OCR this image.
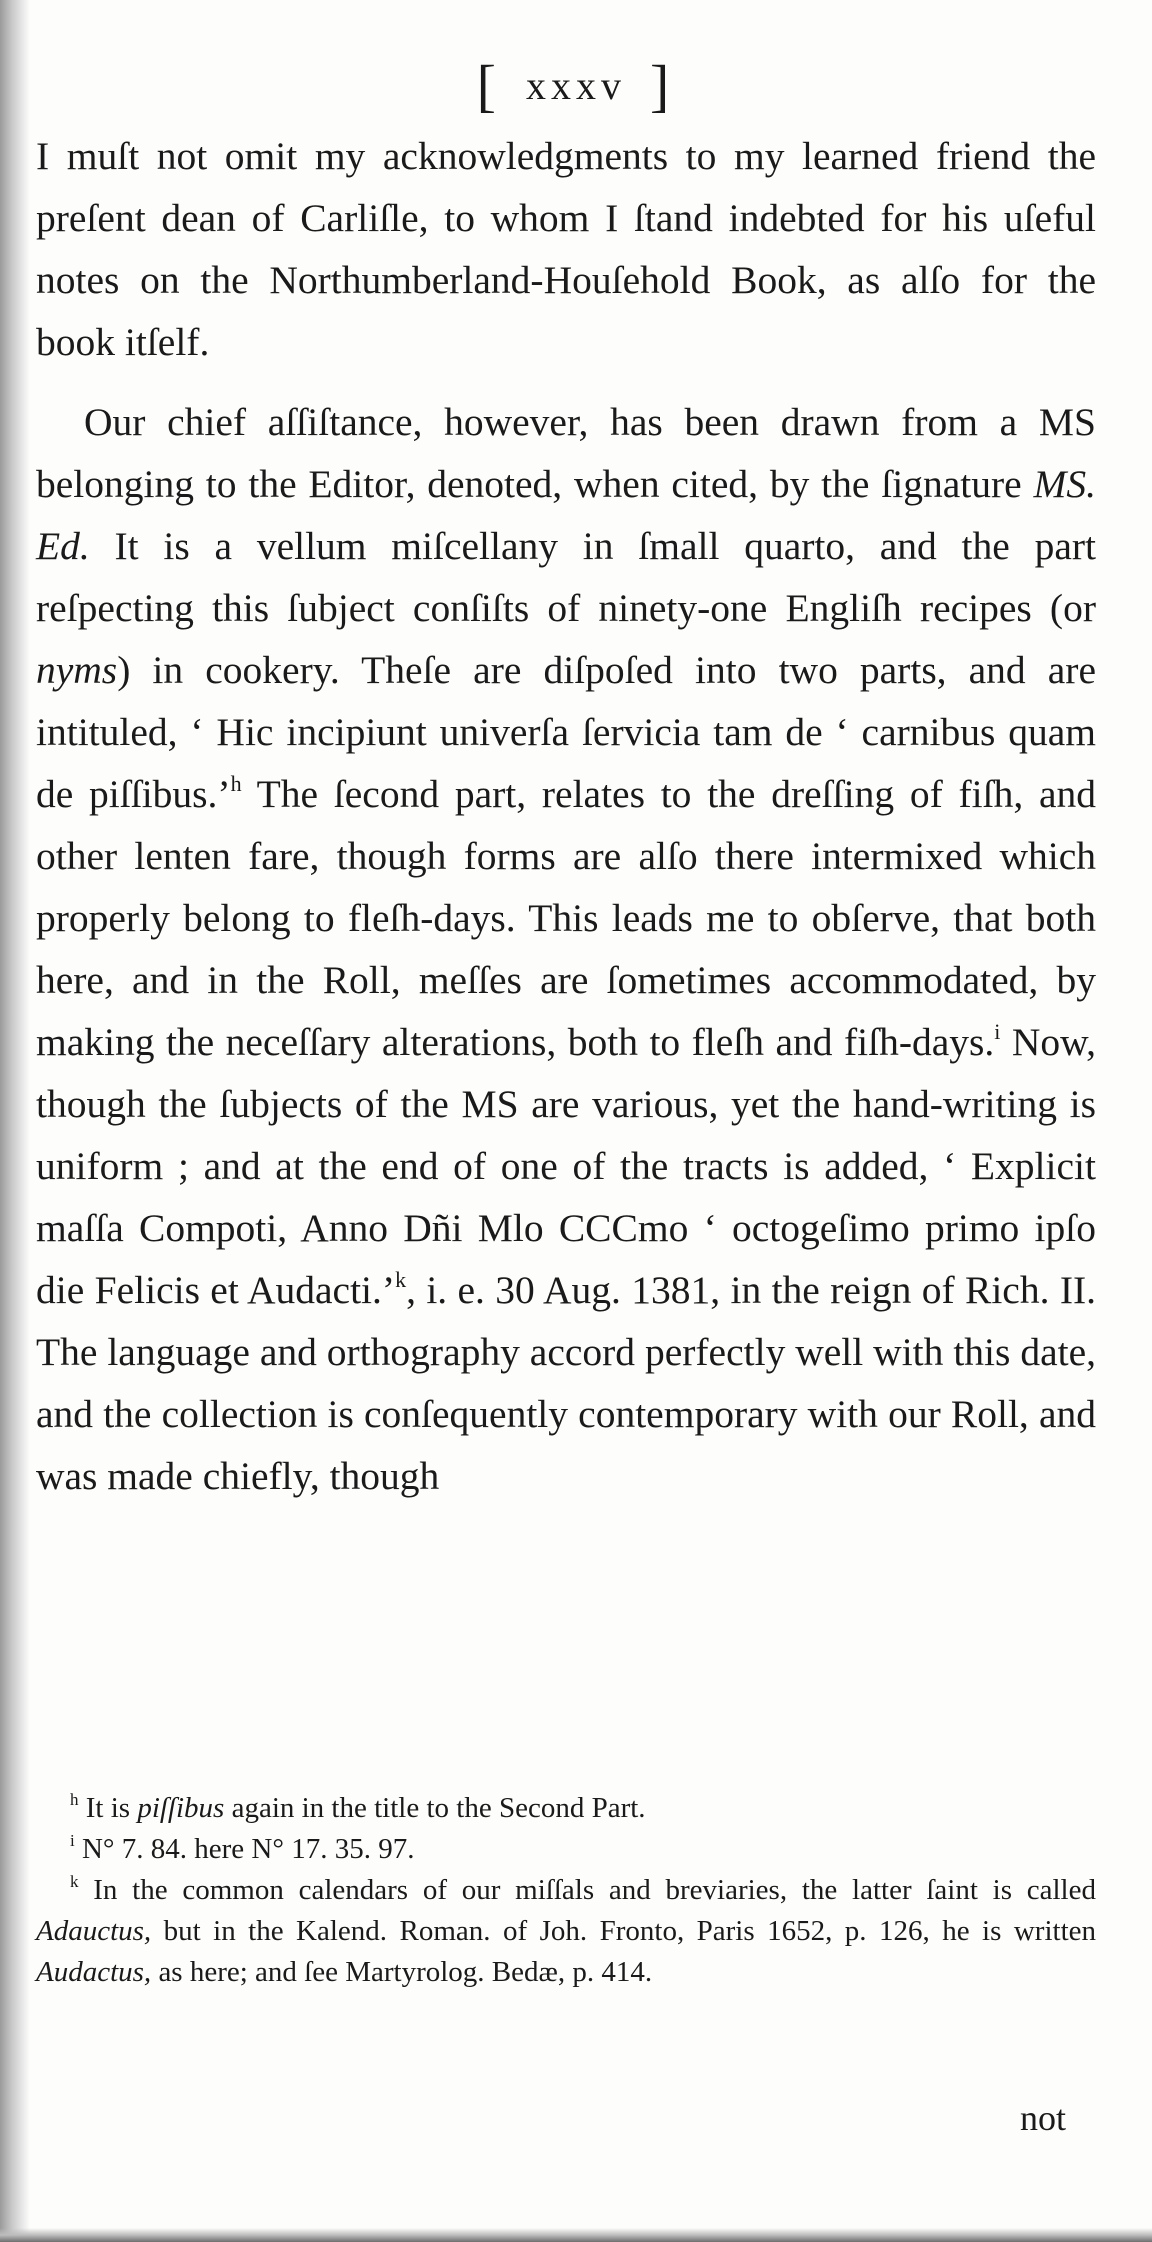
[ xxxv ]

I muſt not omit my acknowledgments to my learned friend the preſent dean of Carliſle, to whom I ſtand indebted for his uſeful notes on the Northumberland-Houſehold Book, as alſo for the book itſelf.

Our chief aſſiſtance, however, has been drawn from a MS belonging to the Editor, denoted, when cited, by the ſignature MS. Ed. It is a vellum miſcellany in ſmall quarto, and the part reſpecting this ſubject conſiſts of ninety-one Engliſh recipes (or nyms) in cookery. Theſe are diſpoſed into two parts, and are intituled, ‘ Hic incipiunt univerſa ſervicia tam de ‘ carnibus quam de piſſibus.’$^h$ The ſecond part, relates to the dreſſing of fiſh, and other lenten fare, though forms are alſo there intermixed which properly belong to fleſh-days. This leads me to obſerve, that both here, and in the Roll, meſſes are ſometimes accommodated, by making the neceſſary alterations, both to fleſh and fiſh-days.$^i$ Now, though the ſubjects of the MS are various, yet the hand-writing is uniform ; and at the end of one of the tracts is added, ‘ Explicit maſſa Compoti, Anno Dñi Mlo CCCmo ‘ octogeſimo primo ipſo die Felicis et Audacti.’$^k$, i. e. 30 Aug. 1381, in the reign of Rich. II. The language and orthography accord perfectly well with this date, and the collection is conſequently contemporary with our Roll, and was made chiefly, though

$^h$ It is piſſibus again in the title to the Second Part.

$^i$ N° 7. 84. here N° 17. 35. 97.

$^k$ In the common calendars of our miſſals and breviaries, the latter ſaint is called Adauctus, but in the Kalend. Roman. of Joh. Fronto, Paris 1652, p. 126, he is written Audactus, as here; and ſee Martyrolog. Bedæ, p. 414.

not
